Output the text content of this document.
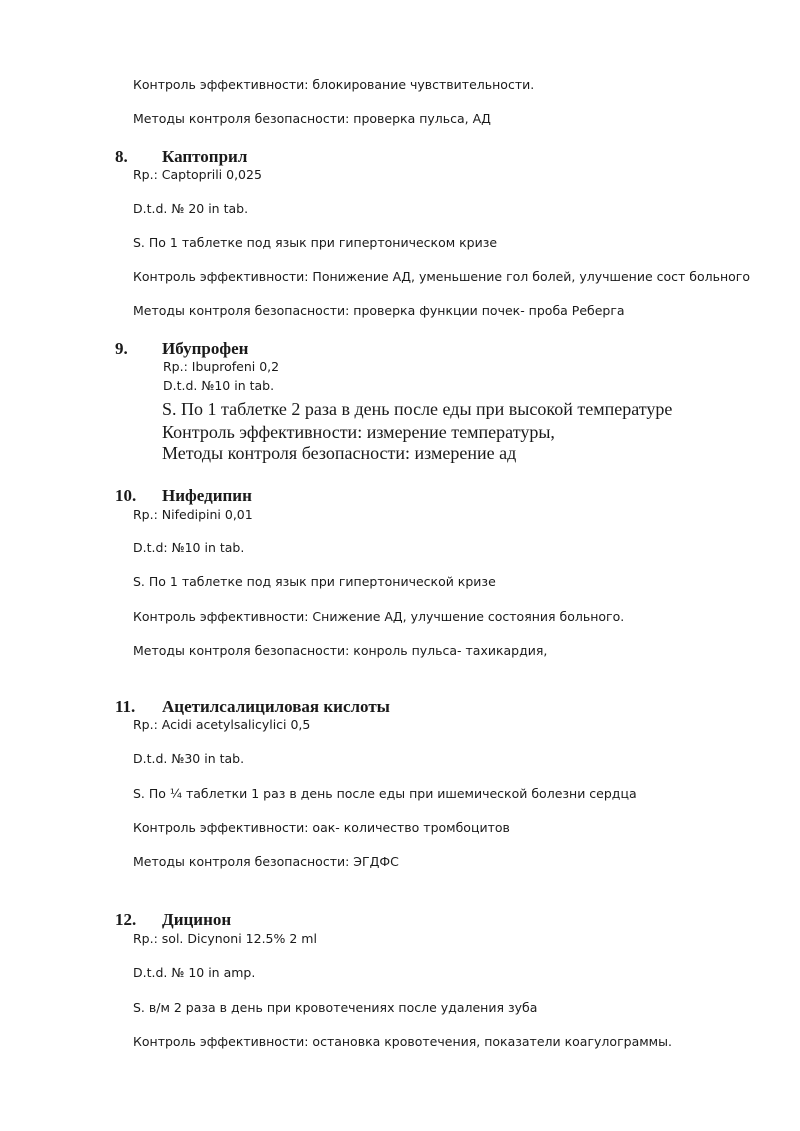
Контроль эффективности: блокирование чувствительности.
Методы контроля безопасности: проверка пульса, АД
8. Каптоприл
Rp.: Captoprili 0,025
D.t.d. № 20 in tab.
S. По 1 таблетке под язык при гипертоническом кризе
Контроль эффективности: Понижение АД, уменьшение гол болей, улучшение сост больного
Методы контроля безопасности: проверка функции почек- проба Реберга
9. Ибупрофен
Rp.: Ibuprofeni 0,2
D.t.d. №10 in tab.
S. По 1 таблетке 2 раза в день после еды при высокой температуре
Контроль эффективности: измерение температуры,
Методы контроля безопасности: измерение ад
10. Нифедипин
Rp.: Nifedipini 0,01
D.t.d: №10 in tab.
S. По 1 таблетке под язык при гипертонической кризе
Контроль эффективности: Снижение АД, улучшение состояния больного.
Методы контроля безопасности: конроль пульса- тахикардия,
11. Ацетилсалициловая кислоты
Rp.: Acidi acetylsalicylici 0,5
D.t.d. №30 in tab.
S. По ¼ таблетки 1 раз в день после еды при ишемической болезни сердца
Контроль эффективности: оак- количество тромбоцитов
Методы контроля безопасности: ЭГДФС
12. Дицинон
Rp.: sol. Dicynoni 12.5% 2 ml
D.t.d. № 10 in amp.
S. в/м 2 раза в день при кровотечениях после удаления зуба
Контроль эффективности: остановка кровотечения, показатели коагулограммы.
